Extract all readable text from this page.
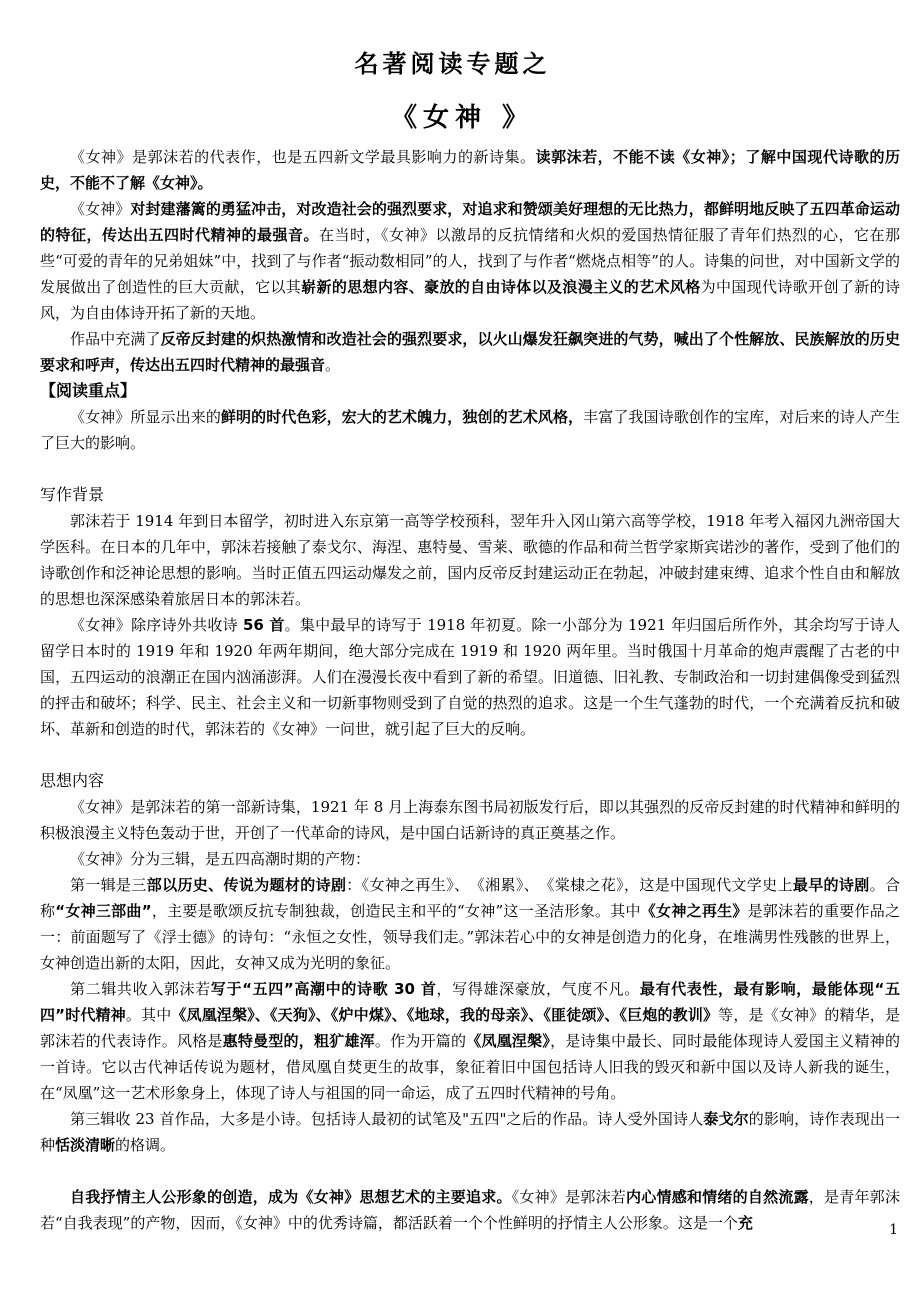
名著阅读专题之
《女神 》

《女神》是郭沫若的代表作，也是五四新文学最具影响力的新诗集。读郭沫若，不能不读《女神》；了解中国现代诗歌的历史，不能不了解《女神》。

《女神》对封建藩篱的勇猛冲击，对改造社会的强烈要求，对追求和赞颂美好理想的无比热力，都鲜明地反映了五四革命运动的特征，传达出五四时代精神的最强音。在当时，《女神》以激昂的反抗情绪和火炽的爱国热情征服了青年们热烈的心，它在那些“可爱的青年的兄弟姐妹”中，找到了与作者“振动数相同”的人，找到了与作者“燃烧点相等”的人。诗集的问世，对中国新文学的发展做出了创造性的巨大贡献，它以其崭新的思想内容、豪放的自由诗体以及浪漫主义的艺术风格为中国现代诗歌开创了新的诗风，为自由体诗开拓了新的天地。

作品中充满了反帝反封建的炽热激情和改造社会的强烈要求，以火山爆发狂飙突进的气势，喊出了个性解放、民族解放的历史要求和呼声，传达出五四时代精神的最强音。

【阅读重点】

《女神》所显示出来的鲜明的时代色彩，宏大的艺术魄力，独创的艺术风格，丰富了我国诗歌创作的宝库，对后来的诗人产生了巨大的影响。

写作背景

郭沫若于 1914 年到日本留学，初时进入东京第一高等学校预科，翌年升入冈山第六高等学校，1918 年考入福冈九洲帝国大学医科。在日本的几年中，郭沫若接触了泰戈尔、海涅、惠特曼、雪莱、歌德的作品和荷兰哲学家斯宾诺沙的著作，受到了他们的诗歌创作和泛神论思想的影响。当时正值五四运动爆发之前，国内反帝反封建运动正在勃起，冲破封建束缚、追求个性自由和解放的思想也深深感染着旅居日本的郭沫若。

《女神》除序诗外共收诗 56 首。集中最早的诗写于 1918 年初夏。除一小部分为 1921 年归国后所作外，其余均写于诗人留学日本时的 1919 年和 1920 年两年期间，绝大部分完成在 1919 和 1920 两年里。当时俄国十月革命的炮声震醒了古老的中国，五四运动的浪潮正在国内汹涌澎湃。人们在漫漫长夜中看到了新的希望。旧道德、旧礼教、专制政治和一切封建偶像受到猛烈的抨击和破坏；科学、民主、社会主义和一切新事物则受到了自觉的热烈的追求。这是一个生气蓬勃的时代，一个充满着反抗和破坏、革新和创造的时代，郭沫若的《女神》一问世，就引起了巨大的反响。

思想内容

《女神》是郭沫若的第一部新诗集，1921 年 8 月上海泰东图书局初版发行后，即以其强烈的反帝反封建的时代精神和鲜明的积极浪漫主义特色轰动于世，开创了一代革命的诗风，是中国白话新诗的真正奠基之作。

《女神》分为三辑，是五四高潮时期的产物：

第一辑是三部以历史、传说为题材的诗剧：《女神之再生》、　《湘累》、　《棠棣之花》，这是中国现代文学史上最早的诗剧。合称“女神三部曲”，主要是歌颂反抗专制独裁，创造民主和平的“女神”这一圣洁形象。其中《女神之再生》是郭沫若的重要作品之一：前面题写了《浮士德》的诗句：“永恒之女性，领导我们走。”郭沫若心中的女神是创造力的化身，在堆满男性残骸的世界上，女神创造出新的太阳，因此，女神又成为光明的象征。

第二辑共收入郭沫若写于“五四”高潮中的诗歌 30 首，写得雄深豪放，气度不凡。最有代表性，最有影响，最能体现“五四”时代精神。其中《凤凰涅槃》、《天狗》、《炉中煤》、《地球，我的母亲》、《匪徒颂》、《巨炮的教训》等，是《女神》的精华，是郭沫若的代表诗作。风格是惠特曼型的，粗犷雄浑。作为开篇的《凤凰涅槃》，是诗集中最长、同时最能体现诗人爱国主义精神的一首诗。它以古代神话传说为题材，借凤凰自焚更生的故事，象征着旧中国包括诗人旧我的毁灭和新中国以及诗人新我的诞生，在“凤凰”这一艺术形象身上，体现了诗人与祖国的同一命运，成了五四时代精神的号角。

第三辑收 23 首作品，大多是小诗。包括诗人最初的试笔及"五四"之后的作品。诗人受外国诗人泰戈尔的影响，诗作表现出一种恬淡清晰的格调。

自我抒情主人公形象的创造，成为《女神》思想艺术的主要追求。《女神》是郭沫若内心情感和情绪的自然流露，是青年郭沫若“自我表现”的产物，因而，《女神》中的优秀诗篇，都活跃着一个个性鲜明的抒情主人公形象。这是一个充	1
